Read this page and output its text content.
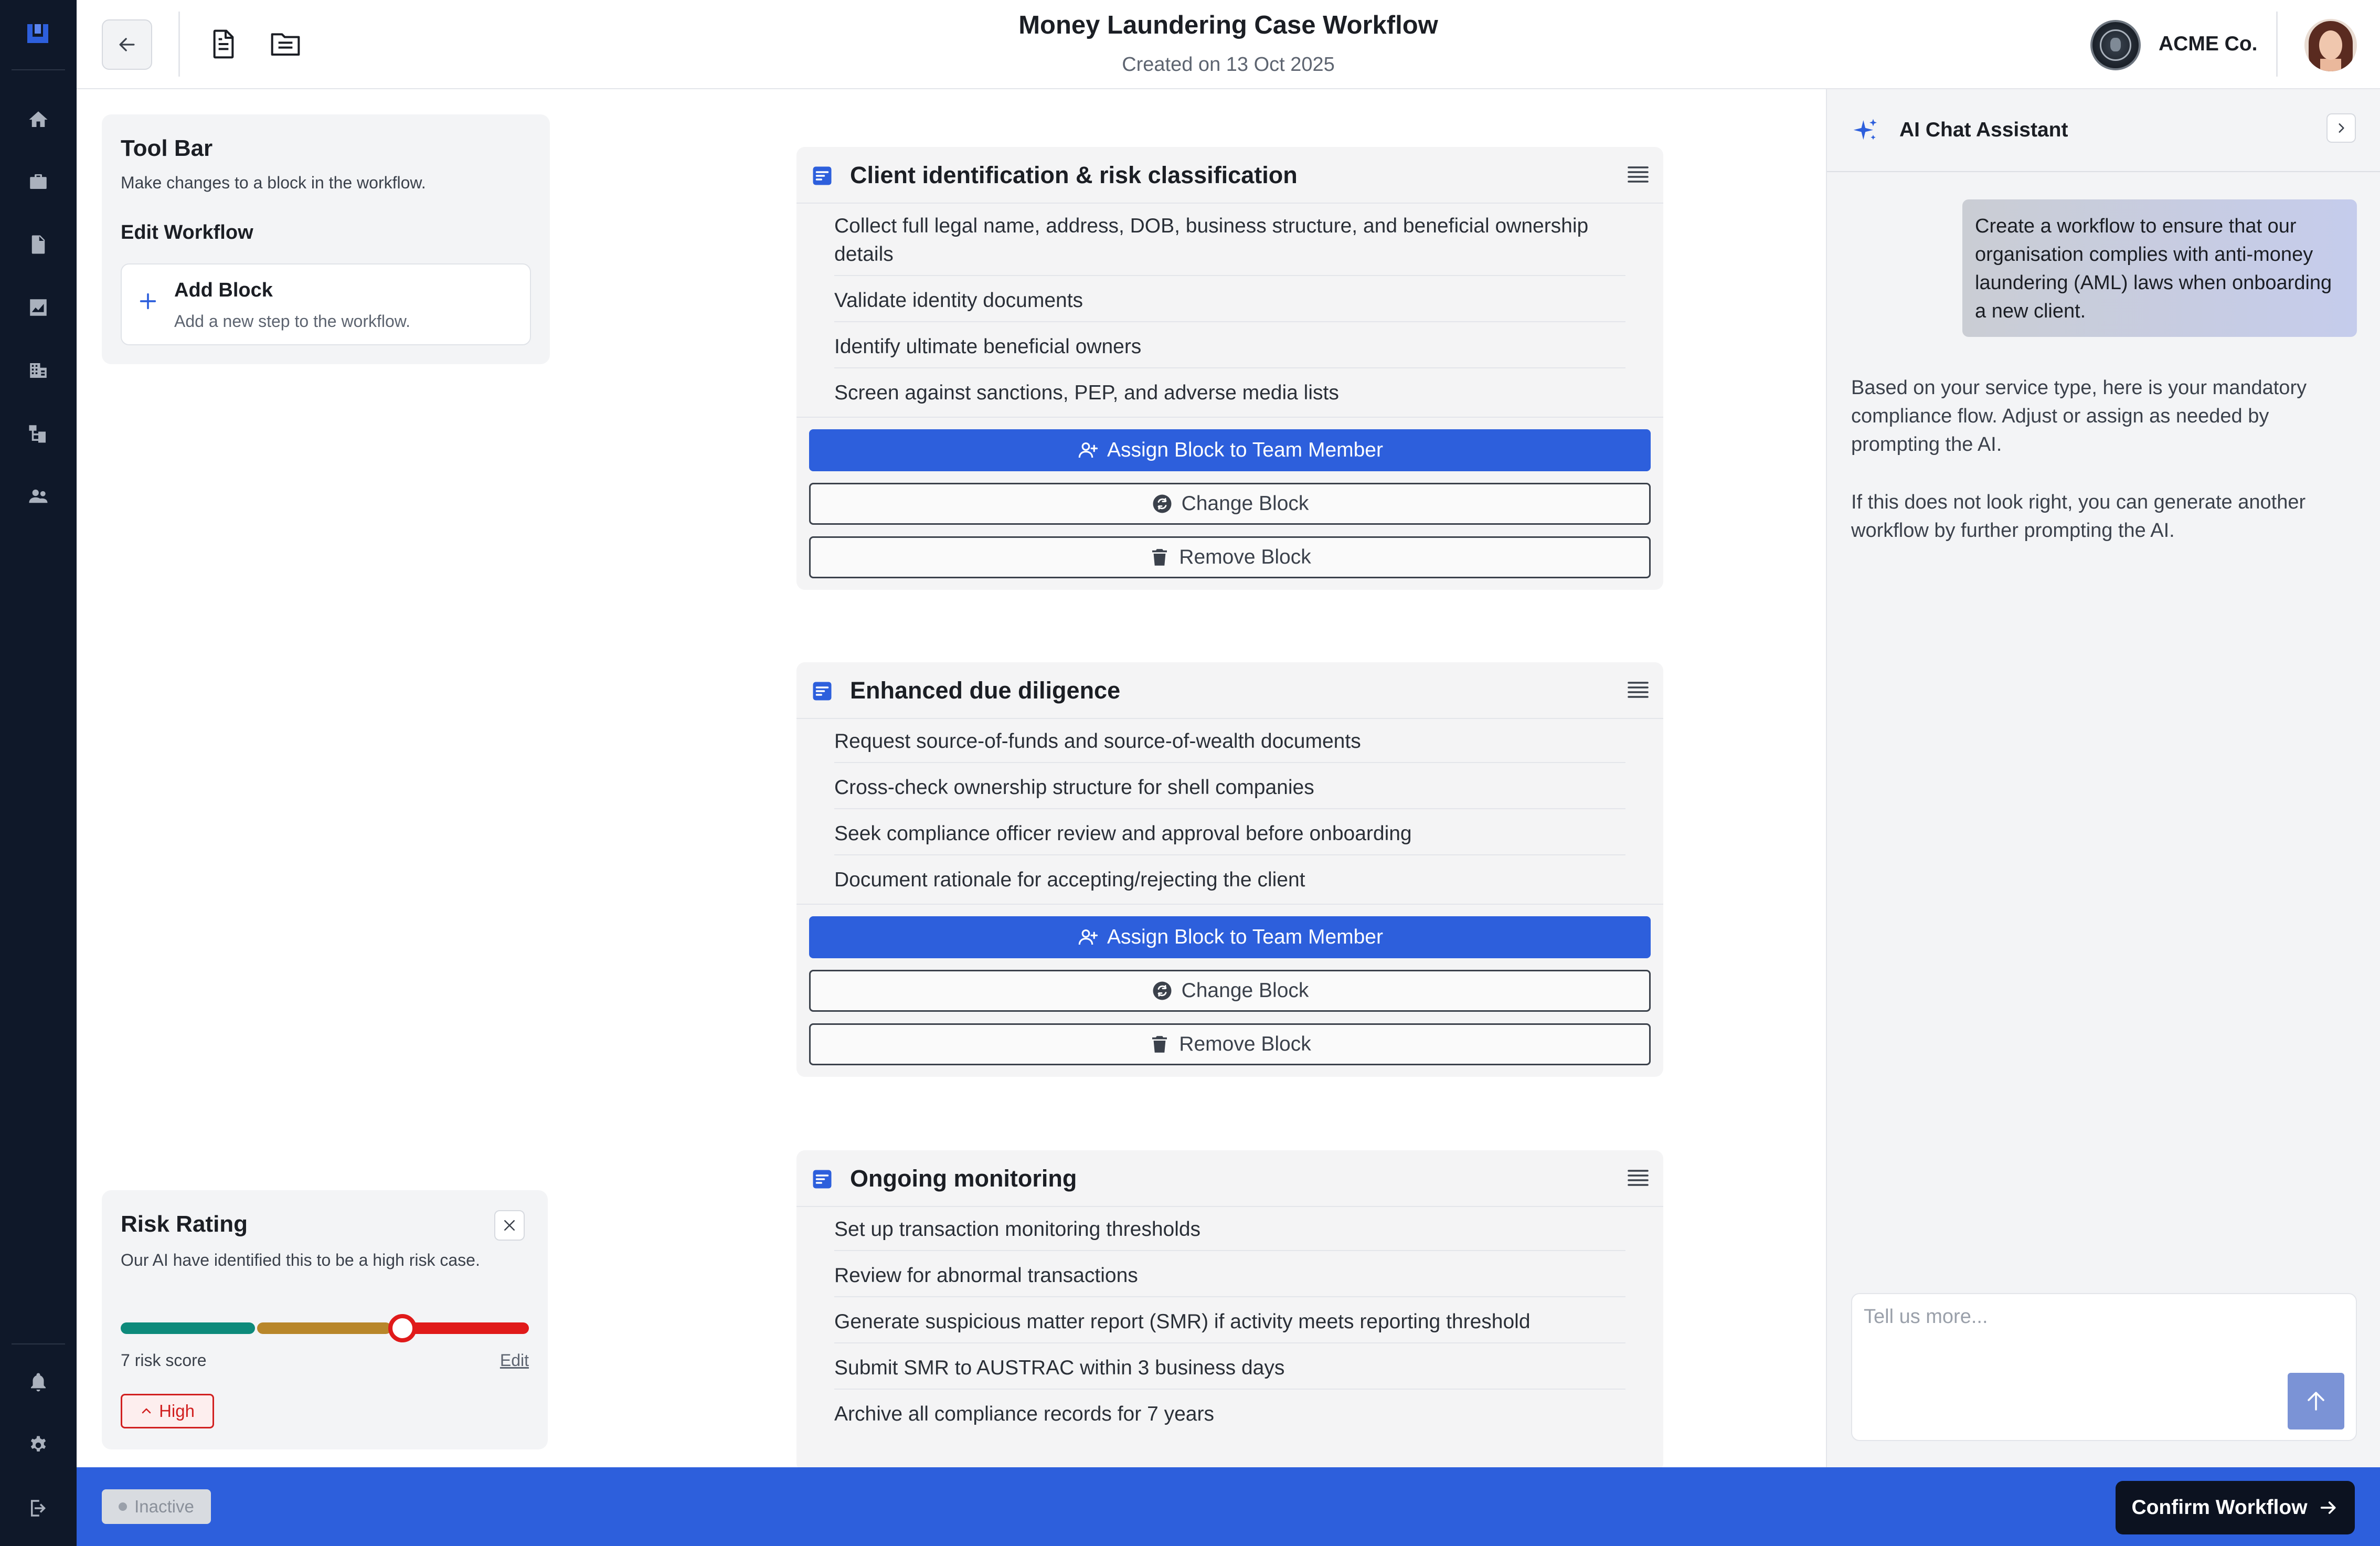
Money Laundering Case Workflow
Created on 13 Oct 2025
ACME Co.
Tool Bar
Make changes to a block in the workflow.
Edit Workflow
Add Block
Add a new step to the workflow.
Risk Rating
Our AI have identified this to be a high risk case.
7 risk score	Edit
High
Client identification & risk classification
Collect full legal name, address, DOB, business structure, and beneficial ownership details
Validate identity documents
Identify ultimate beneficial owners
Screen against sanctions, PEP, and adverse media lists
Assign Block to Team Member
Change Block
Remove Block
Enhanced due diligence
Request source-of-funds and source-of-wealth documents
Cross-check ownership structure for shell companies
Seek compliance officer review and approval before onboarding
Document rationale for accepting/rejecting the client
Assign Block to Team Member
Change Block
Remove Block
Ongoing monitoring
Set up transaction monitoring thresholds
Review for abnormal transactions
Generate suspicious matter report (SMR) if activity meets reporting threshold
Submit SMR to AUSTRAC within 3 business days
Archive all compliance records for 7 years
AI Chat Assistant
Create a workflow to ensure that our organisation complies with anti-money laundering (AML) laws when onboarding a new client.
Based on your service type, here is your mandatory compliance flow. Adjust or assign as needed by prompting the AI.
If this does not look right, you can generate another workflow by further prompting the AI.
Tell us more...
Inactive	Confirm Workflow
